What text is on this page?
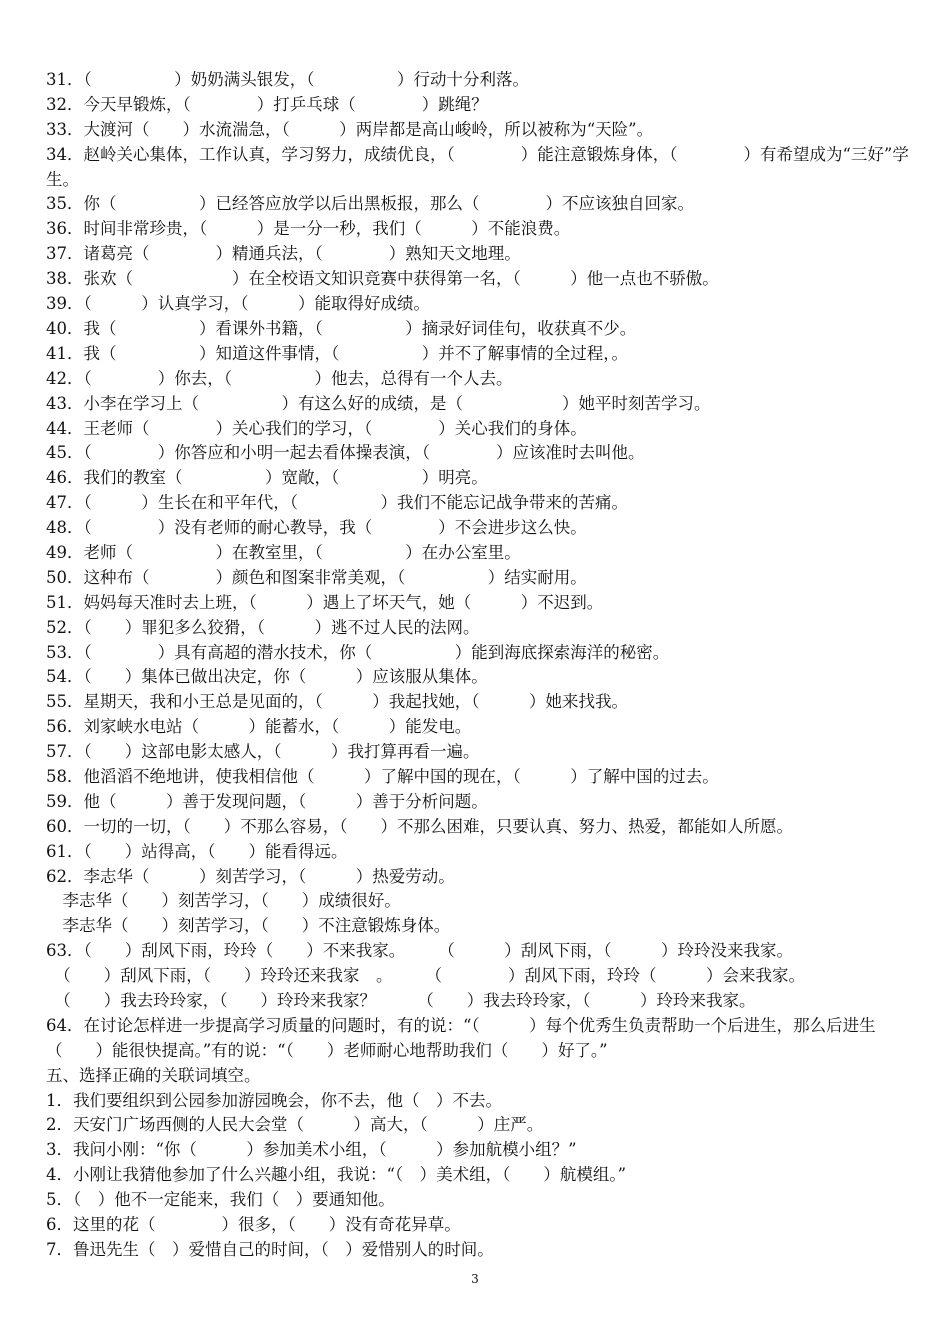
31．（　　　　　）奶奶满头银发，（　　　　　）行动十分利落。
32．今天早锻炼，（　　　　）打乒乓球（　　　　）跳绳？
33．大渡河（　　）水流湍急，（　　　）两岸都是高山峻岭，所以被称为“天险”。
34．赵岭关心集体，工作认真，学习努力，成绩优良，（　　　　）能注意锻炼身体，（　　　　）有希望成为“三好”学生。
35．你（　　　　　）已经答应放学以后出黑板报，那么（　　　　）不应该独自回家。
36．时间非常珍贵，（　　　）是一分一秒，我们（　　　）不能浪费。
37．诸葛亮（　　　　）精通兵法，（　　　　）熟知天文地理。
38．张欢（　　　　　　）在全校语文知识竞赛中获得第一名，（　　　）他一点也不骄傲。
39．（　　　）认真学习，（　　　）能取得好成绩。
40．我（　　　　　）看课外书籍，（　　　　　）摘录好词佳句，收获真不少。
41．我（　　　　　）知道这件事情，（　　　　　）并不了解事情的全过程，。
42．（　　　　）你去，（　　　　　）他去，总得有一个人去。
43．小李在学习上（　　　　　）有这么好的成绩，是（　　　　　　）她平时刻苦学习。
44．王老师（　　　　）关心我们的学习，（　　　　）关心我们的身体。
45．（　　　　）你答应和小明一起去看体操表演，（　　　　）应该准时去叫他。
46．我们的教室（　　　　　）宽敞，（　　　　　）明亮。
47．（　　　）生长在和平年代，（　　　　　）我们不能忘记战争带来的苦痛。
48．（　　　　）没有老师的耐心教导，我（　　　　）不会进步这么快。
49．老师（　　　　　）在教室里，（　　　　　）在办公室里。
50．这种布（　　　　）颜色和图案非常美观，（　　　　　）结实耐用。
51．妈妈每天准时去上班，（　　　）遇上了坏天气，她（　　　）不迟到。
52．（　　）罪犯多么狡猾，（　　　）逃不过人民的法网。
53．（　　　　）具有高超的潜水技术，你（　　　　　）能到海底探索海洋的秘密。
54．（　　）集体已做出决定，你（　　　）应该服从集体。
55．星期天，我和小王总是见面的，（　　　）我起找她，（　　　）她来找我。
56．刘家峡水电站（　　　）能蓄水，（　　　）能发电。
57．（　　）这部电影太感人，（　　　）我打算再看一遍。
58．他滔滔不绝地讲，使我相信他（　　　）了解中国的现在，（　　　）了解中国的过去。
59．他（　　　）善于发现问题，（　　　）善于分析问题。
60．一切的一切，（　　）不那么容易，（　　）不那么困难，只要认真、努力、热爱，都能如人所愿。
61．（　　）站得高，（　　）能看得远。
62．李志华（　　　）刻苦学习，（　　　）热爱劳动。
　李志华（　　）刻苦学习，（　　）成绩很好。
　李志华（　　）刻苦学习，（　　）不注意锻炼身体。
63．（　　）刮风下雨，玲玲（　　）不来我家。　　　（　　　）刮风下雨，（　　　）玲玲没来我家。
　（　　）刮风下雨，（　　）玲玲还来我家　。　　　（　　　　）刮风下雨，玲玲（　　　）会来我家。
　（　　）我去玲玲家，（　　）玲玲来我家？　　　（　　）我去玲玲家，（　　　）玲玲来我家。
64．在讨论怎样进一步提高学习质量的问题时，有的说：“（　　　）每个优秀生负责帮助一个后进生，那么后进生（　　）能很快提高。”有的说：“（　　）老师耐心地帮助我们（　　）好了。”
五、选择正确的关联词填空。
1．我们要组织到公园参加游园晚会，你不去，他（　）不去。
2．天安门广场西侧的人民大会堂（　　　）高大，（　　　）庄严。
3．我问小刚：“你（　　　）参加美术小组，（　　　）参加航模小组？”
4．小刚让我猜他参加了什么兴趣小组，我说：“（　）美术组，（　　）航模组。”
5．（　）他不一定能来，我们（　）要通知他。
6．这里的花（　　　　）很多，（　　）没有奇花异草。
7．鲁迅先生（　）爱惜自己的时间，（　）爱惜别人的时间。
3
